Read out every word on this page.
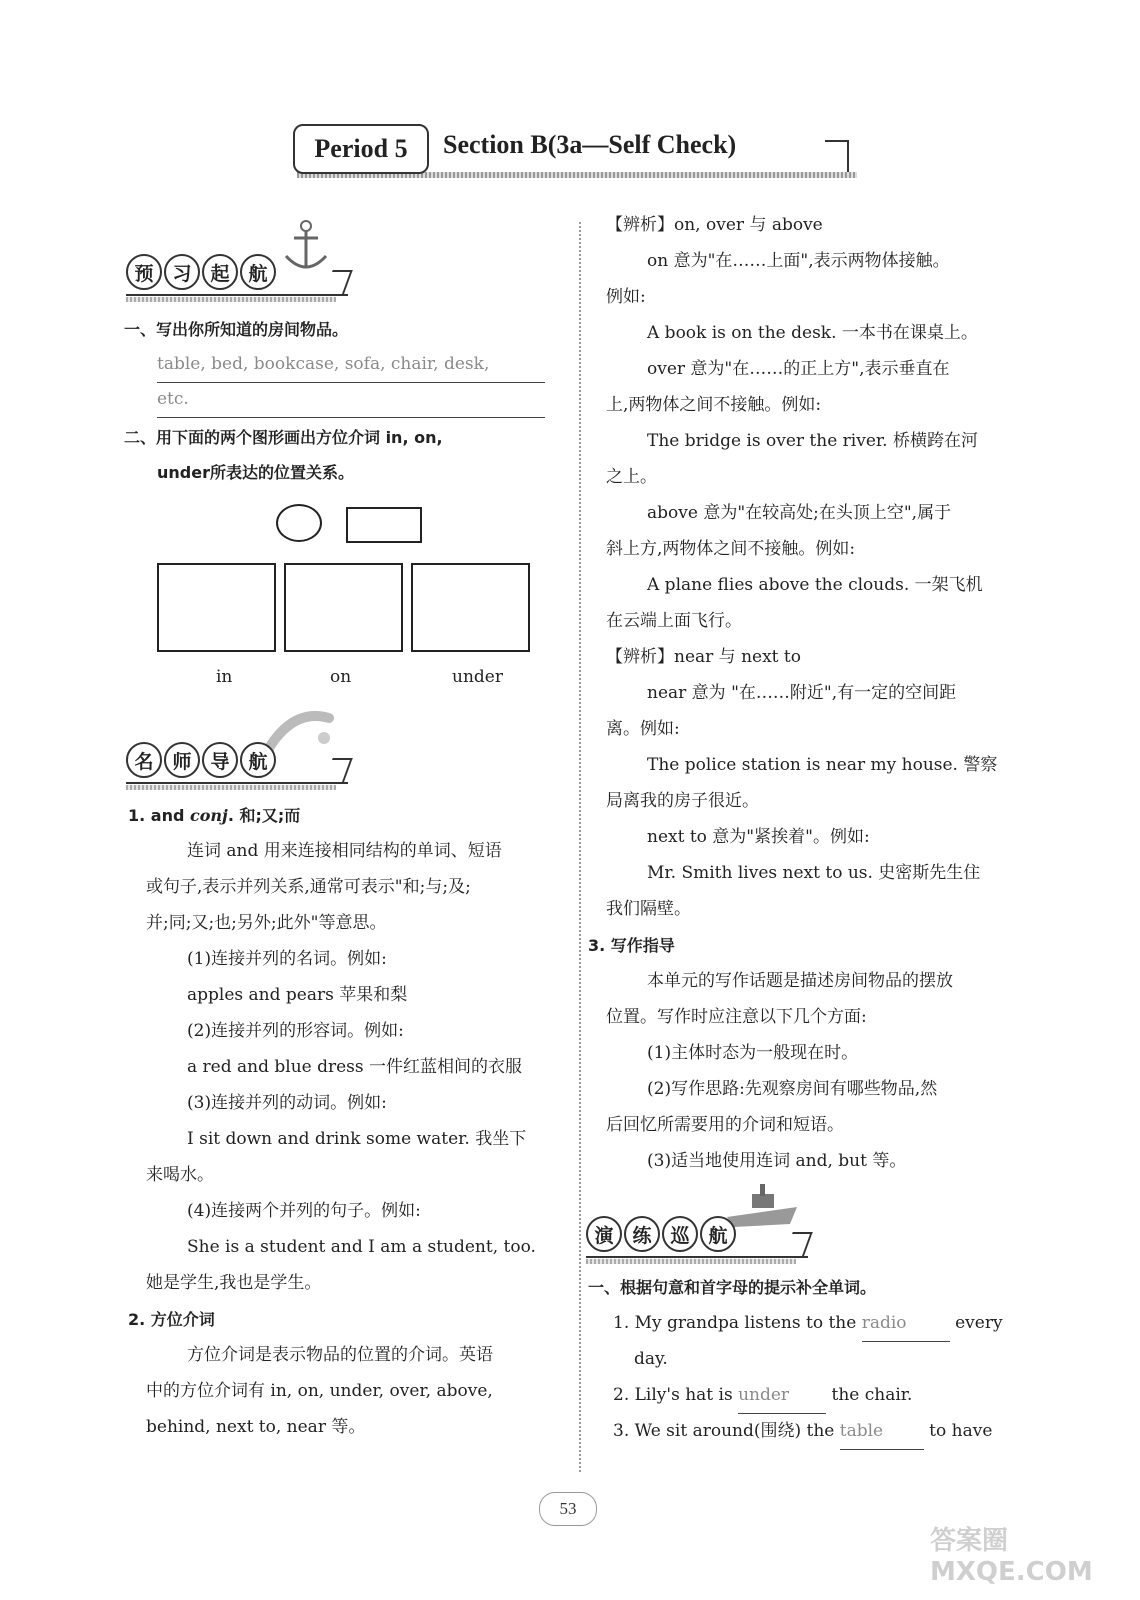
Period 5	Section B(3a—Self Check)
预 习 起 航
一、写出你所知道的房间物品。
table, bed, bookcase, sofa, chair, desk,
etc.
二、用下面的两个图形画出方位介词 in, on,
under所表达的位置关系。
in	on	under
名 师 导 航
1. and conj. 和;又;而
连词 and 用来连接相同结构的单词、短语
或句子,表示并列关系,通常可表示"和;与;及;
并;同;又;也;另外;此外"等意思。
(1)连接并列的名词。例如:
apples and pears 苹果和梨
(2)连接并列的形容词。例如:
a red and blue dress 一件红蓝相间的衣服
(3)连接并列的动词。例如:
I sit down and drink some water. 我坐下
来喝水。
(4)连接两个并列的句子。例如:
She is a student and I am a student, too.
她是学生,我也是学生。
2. 方位介词
方位介词是表示物品的位置的介词。英语
中的方位介词有 in, on, under, over, above,
behind, next to, near 等。
【辨析】on, over 与 above
on 意为"在……上面",表示两物体接触。
例如:
A book is on the desk. 一本书在课桌上。
over 意为"在……的正上方",表示垂直在
上,两物体之间不接触。例如:
The bridge is over the river. 桥横跨在河
之上。
above 意为"在较高处;在头顶上空",属于
斜上方,两物体之间不接触。例如:
A plane flies above the clouds. 一架飞机
在云端上面飞行。
【辨析】near 与 next to
near 意为 "在……附近",有一定的空间距
离。例如:
The police station is near my house. 警察
局离我的房子很近。
next to 意为"紧挨着"。例如:
Mr. Smith lives next to us. 史密斯先生住
我们隔壁。
3. 写作指导
本单元的写作话题是描述房间物品的摆放
位置。写作时应注意以下几个方面:
(1)主体时态为一般现在时。
(2)写作思路:先观察房间有哪些物品,然
后回忆所需要用的介词和短语。
(3)适当地使用连词 and, but 等。
演 练 巡 航
一、根据句意和首字母的提示补全单词。
1. My grandpa listens to the radio	every
day.
2. Lily's hat is under the chair.
3. We sit around(围绕) the table to have
53
答案圈 MXQE.COM
